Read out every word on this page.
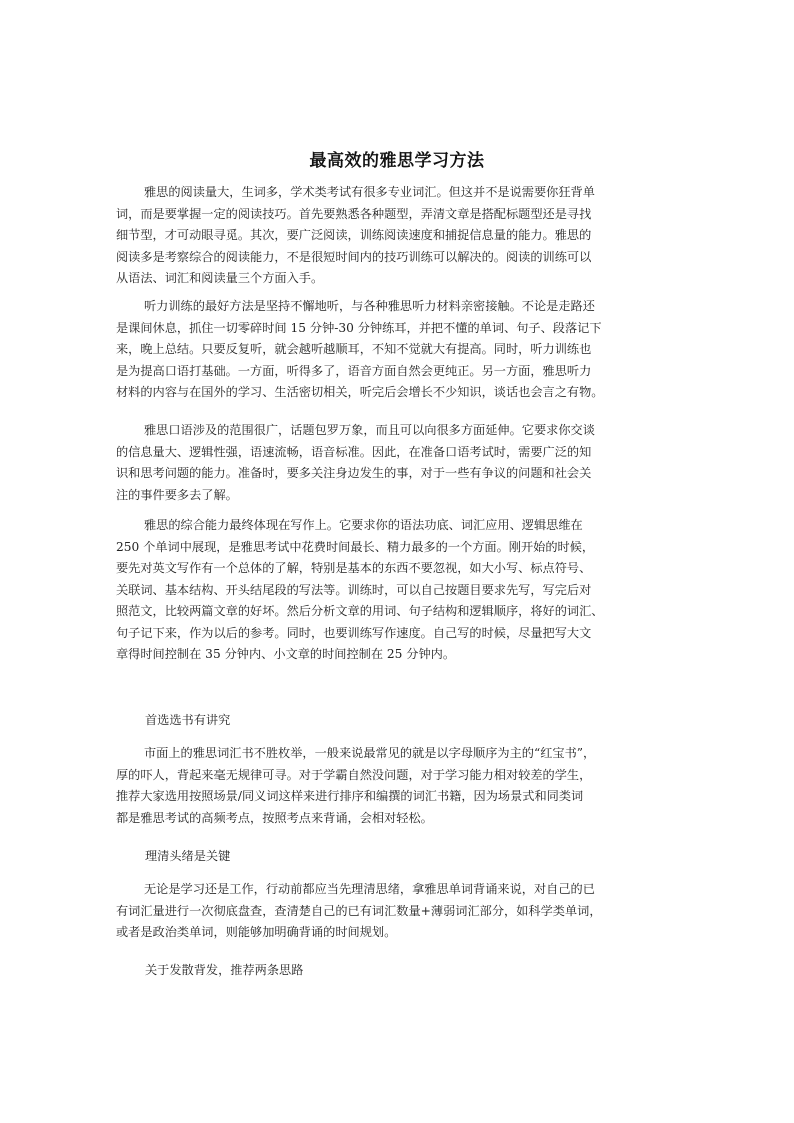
最高效的雅思学习方法

雅思的阅读量大，生词多，学术类考试有很多专业词汇。但这并不是说需要你狂背单
词，而是要掌握一定的阅读技巧。首先要熟悉各种题型，弄清文章是搭配标题型还是寻找
细节型，才可动眼寻觅。其次，要广泛阅读，训练阅读速度和捕捉信息量的能力。雅思的
阅读多是考察综合的阅读能力，不是很短时间内的技巧训练可以解决的。阅读的训练可以
从语法、词汇和阅读量三个方面入手。

听力训练的最好方法是坚持不懈地听，与各种雅思听力材料亲密接触。不论是走路还
是课间休息，抓住一切零碎时间 15 分钟-30 分钟练耳，并把不懂的单词、句子、段落记下
来，晚上总结。只要反复听，就会越听越顺耳，不知不觉就大有提高。同时，听力训练也
是为提高口语打基础。一方面，听得多了，语音方面自然会更纯正。另一方面，雅思听力
材料的内容与在国外的学习、生活密切相关，听完后会增长不少知识，谈话也会言之有物。

雅思口语涉及的范围很广，话题包罗万象，而且可以向很多方面延伸。它要求你交谈
的信息量大、逻辑性强，语速流畅，语音标准。因此，在准备口语考试时，需要广泛的知
识和思考问题的能力。准备时，要多关注身边发生的事，对于一些有争议的问题和社会关
注的事件要多去了解。

雅思的综合能力最终体现在写作上。它要求你的语法功底、词汇应用、逻辑思维在
250 个单词中展现，是雅思考试中花费时间最长、精力最多的一个方面。刚开始的时候，
要先对英文写作有一个总体的了解，特别是基本的东西不要忽视，如大小写、标点符号、
关联词、基本结构、开头结尾段的写法等。训练时，可以自己按题目要求先写，写完后对
照范文，比较两篇文章的好坏。然后分析文章的用词、句子结构和逻辑顺序，将好的词汇、
句子记下来，作为以后的参考。同时，也要训练写作速度。自己写的时候，尽量把写大文
章得时间控制在 35 分钟内、小文章的时间控制在 25 分钟内。

首选选书有讲究

市面上的雅思词汇书不胜枚举，一般来说最常见的就是以字母顺序为主的“红宝书”，
厚的吓人，背起来毫无规律可寻。对于学霸自然没问题，对于学习能力相对较差的学生，
推荐大家选用按照场景/同义词这样来进行排序和编撰的词汇书籍，因为场景式和同类词
都是雅思考试的高频考点，按照考点来背诵，会相对轻松。

理清头绪是关键

无论是学习还是工作，行动前都应当先理清思绪，拿雅思单词背诵来说，对自己的已
有词汇量进行一次彻底盘查，查清楚自己的已有词汇数量+薄弱词汇部分，如科学类单词，
或者是政治类单词，则能够加明确背诵的时间规划。

关于发散背发，推荐两条思路
